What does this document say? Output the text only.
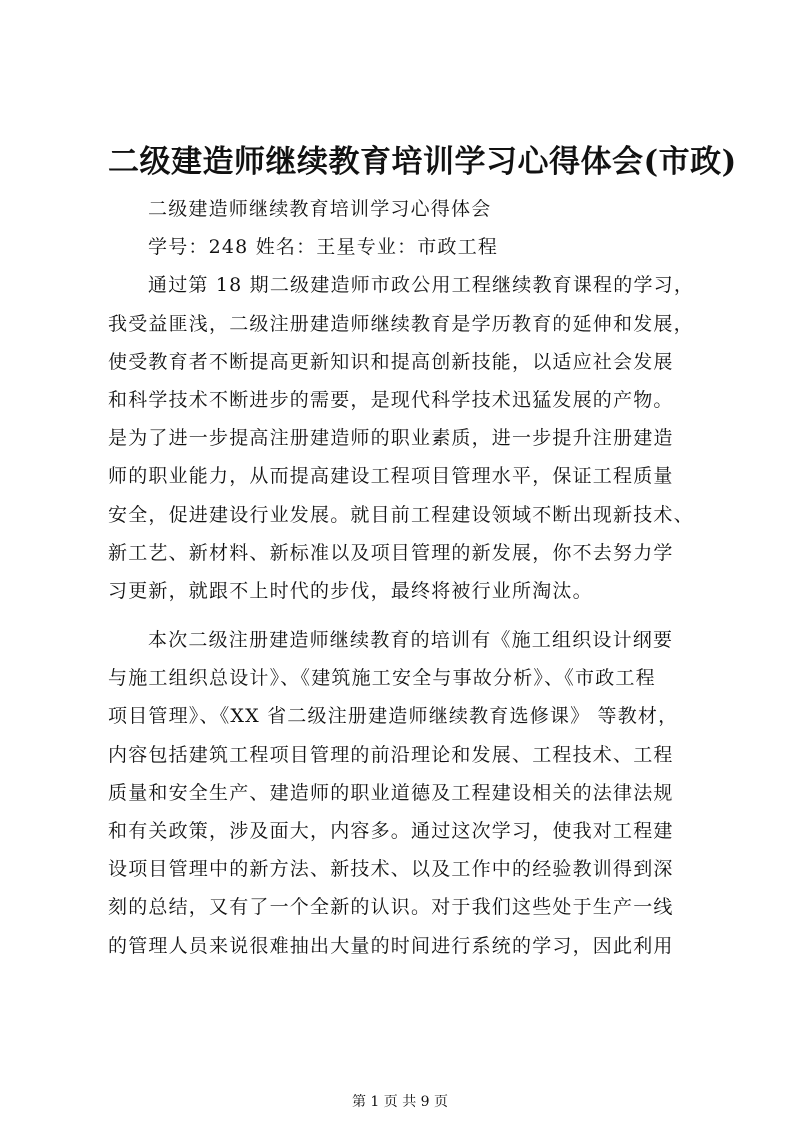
二级建造师继续教育培训学习心得体会(市政)
二级建造师继续教育培训学习心得体会
学号：248 姓名：王星专业：市政工程
通过第 18 期二级建造师市政公用工程继续教育课程的学习，
我受益匪浅，二级注册建造师继续教育是学历教育的延伸和发展，
使受教育者不断提高更新知识和提高创新技能，以适应社会发展
和科学技术不断进步的需要，是现代科学技术迅猛发展的产物。
是为了进一步提高注册建造师的职业素质，进一步提升注册建造
师的职业能力，从而提高建设工程项目管理水平，保证工程质量
安全，促进建设行业发展。就目前工程建设领域不断出现新技术、
新工艺、新材料、新标准以及项目管理的新发展，你不去努力学
习更新，就跟不上时代的步伐，最终将被行业所淘汰。
本次二级注册建造师继续教育的培训有《施工组织设计纲要
与施工组织总设计》、《建筑施工安全与事故分析》、《市政工程
项目管理》、《XX 省二级注册建造师继续教育选修课》 等教材，
内容包括建筑工程项目管理的前沿理论和发展、工程技术、工程
质量和安全生产、建造师的职业道德及工程建设相关的法律法规
和有关政策，涉及面大，内容多。通过这次学习，使我对工程建
设项目管理中的新方法、新技术、以及工作中的经验教训得到深
刻的总结，又有了一个全新的认识。对于我们这些处于生产一线
的管理人员来说很难抽出大量的时间进行系统的学习，因此利用
第 1 页 共 9 页
